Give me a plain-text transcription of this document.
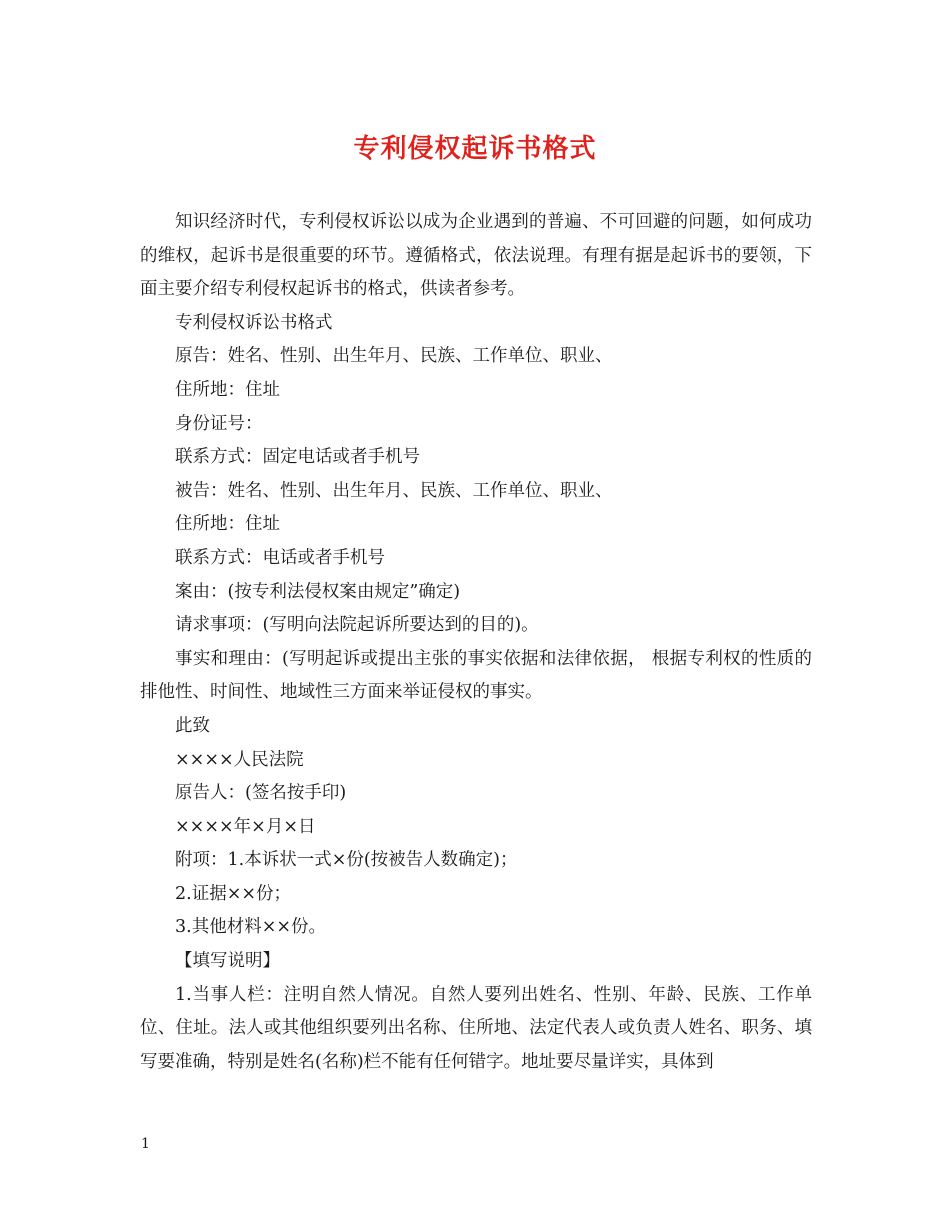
专利侵权起诉书格式

知识经济时代，专利侵权诉讼以成为企业遇到的普遍、不可回避的问题，如何成功的维权，起诉书是很重要的环节。遵循格式，依法说理。有理有据是起诉书的要领，下面主要介绍专利侵权起诉书的格式，供读者参考。

专利侵权诉讼书格式

原告：姓名、性别、出生年月、民族、工作单位、职业、

住所地：住址

身份证号：

联系方式：固定电话或者手机号

被告：姓名、性别、出生年月、民族、工作单位、职业、

住所地：住址

联系方式：电话或者手机号

案由：(按专利法侵权案由规定”确定)

请求事项：(写明向法院起诉所要达到的目的)。

事实和理由：(写明起诉或提出主张的事实依据和法律依据， 根据专利权的性质的排他性、时间性、地域性三方面来举证侵权的事实。

此致

××××人民法院

原告人：(签名按手印)

××××年×月×日

附项：1.本诉状一式×份(按被告人数确定)；

2.证据××份；

3.其他材料××份。

【填写说明】

1.当事人栏：注明自然人情况。自然人要列出姓名、性别、年龄、民族、工作单位、住址。法人或其他组织要列出名称、住所地、法定代表人或负责人姓名、职务、填写要准确，特别是姓名(名称)栏不能有任何错字。地址要尽量详实，具体到

1
